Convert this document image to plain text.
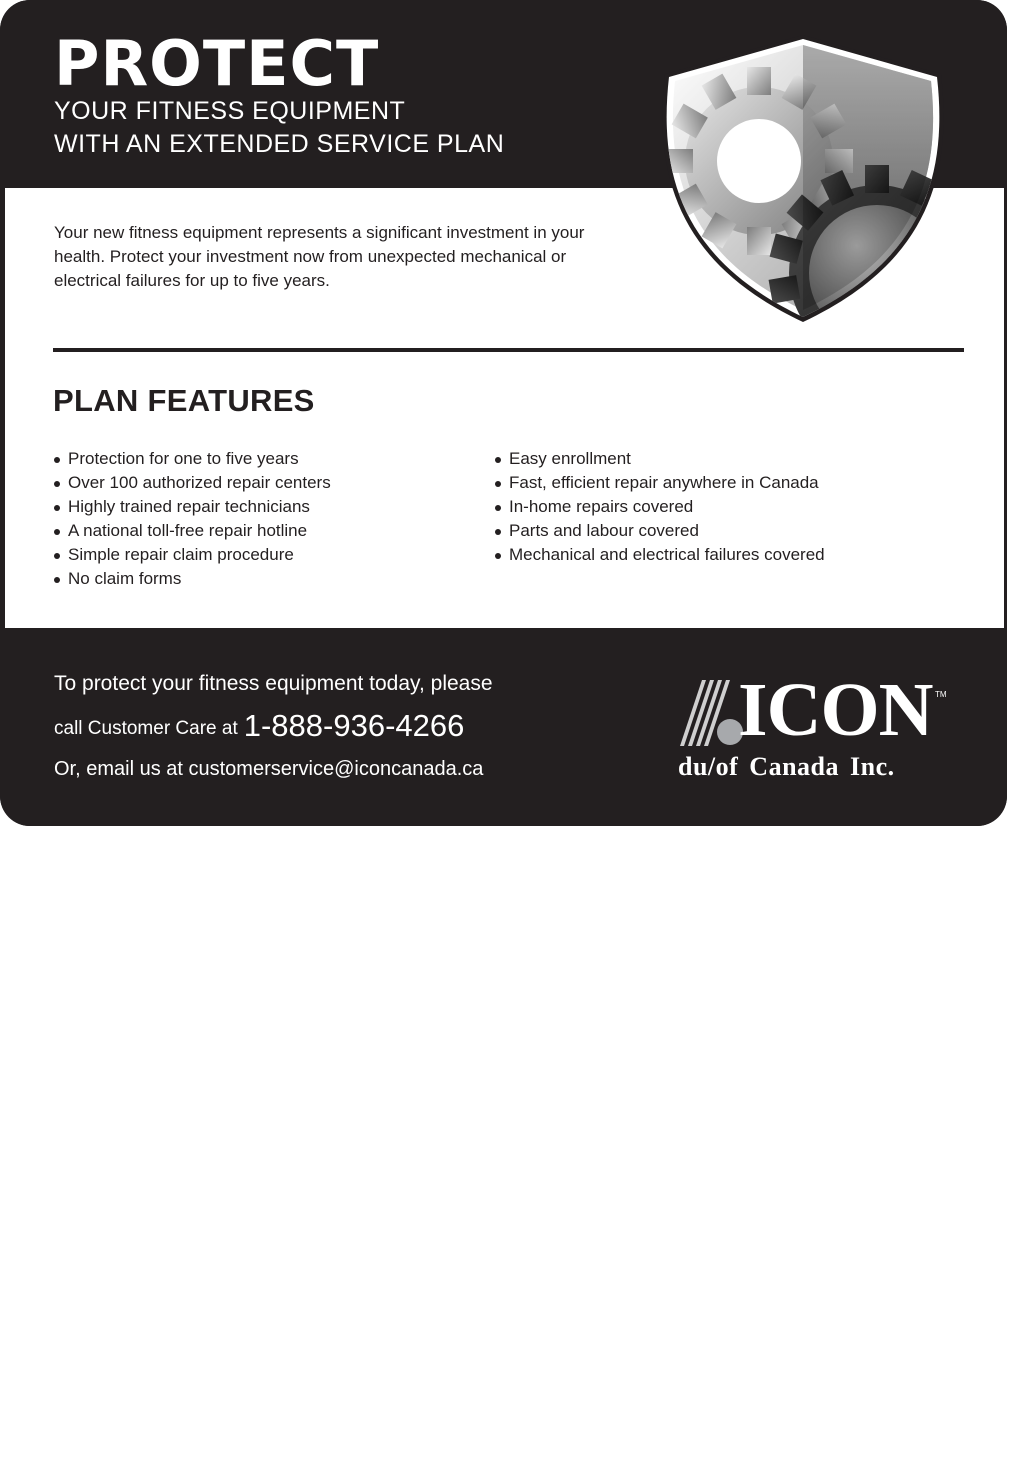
PROTECT

YOUR FITNESS EQUIPMENT

WITH AN EXTENDED SERVICE PLAN

Your new fitness equipment represents a significant investment in your health. Protect your investment now from unexpected mechanical or electrical failures for up to five years.

PLAN FEATURES
Protection for one to five years
Over 100 authorized repair centers
Highly trained repair technicians
A national toll-free repair hotline
Simple repair claim procedure
No claim forms
Easy enrollment
Fast, efficient repair anywhere in Canada
In-home repairs covered
Parts and labour covered
Mechanical and electrical failures covered

To protect your fitness equipment today, please

call Customer Care at 1-888-936-4266

Or, email us at customerservice@iconcanada.ca

ICON TM

du/of Canada Inc.
